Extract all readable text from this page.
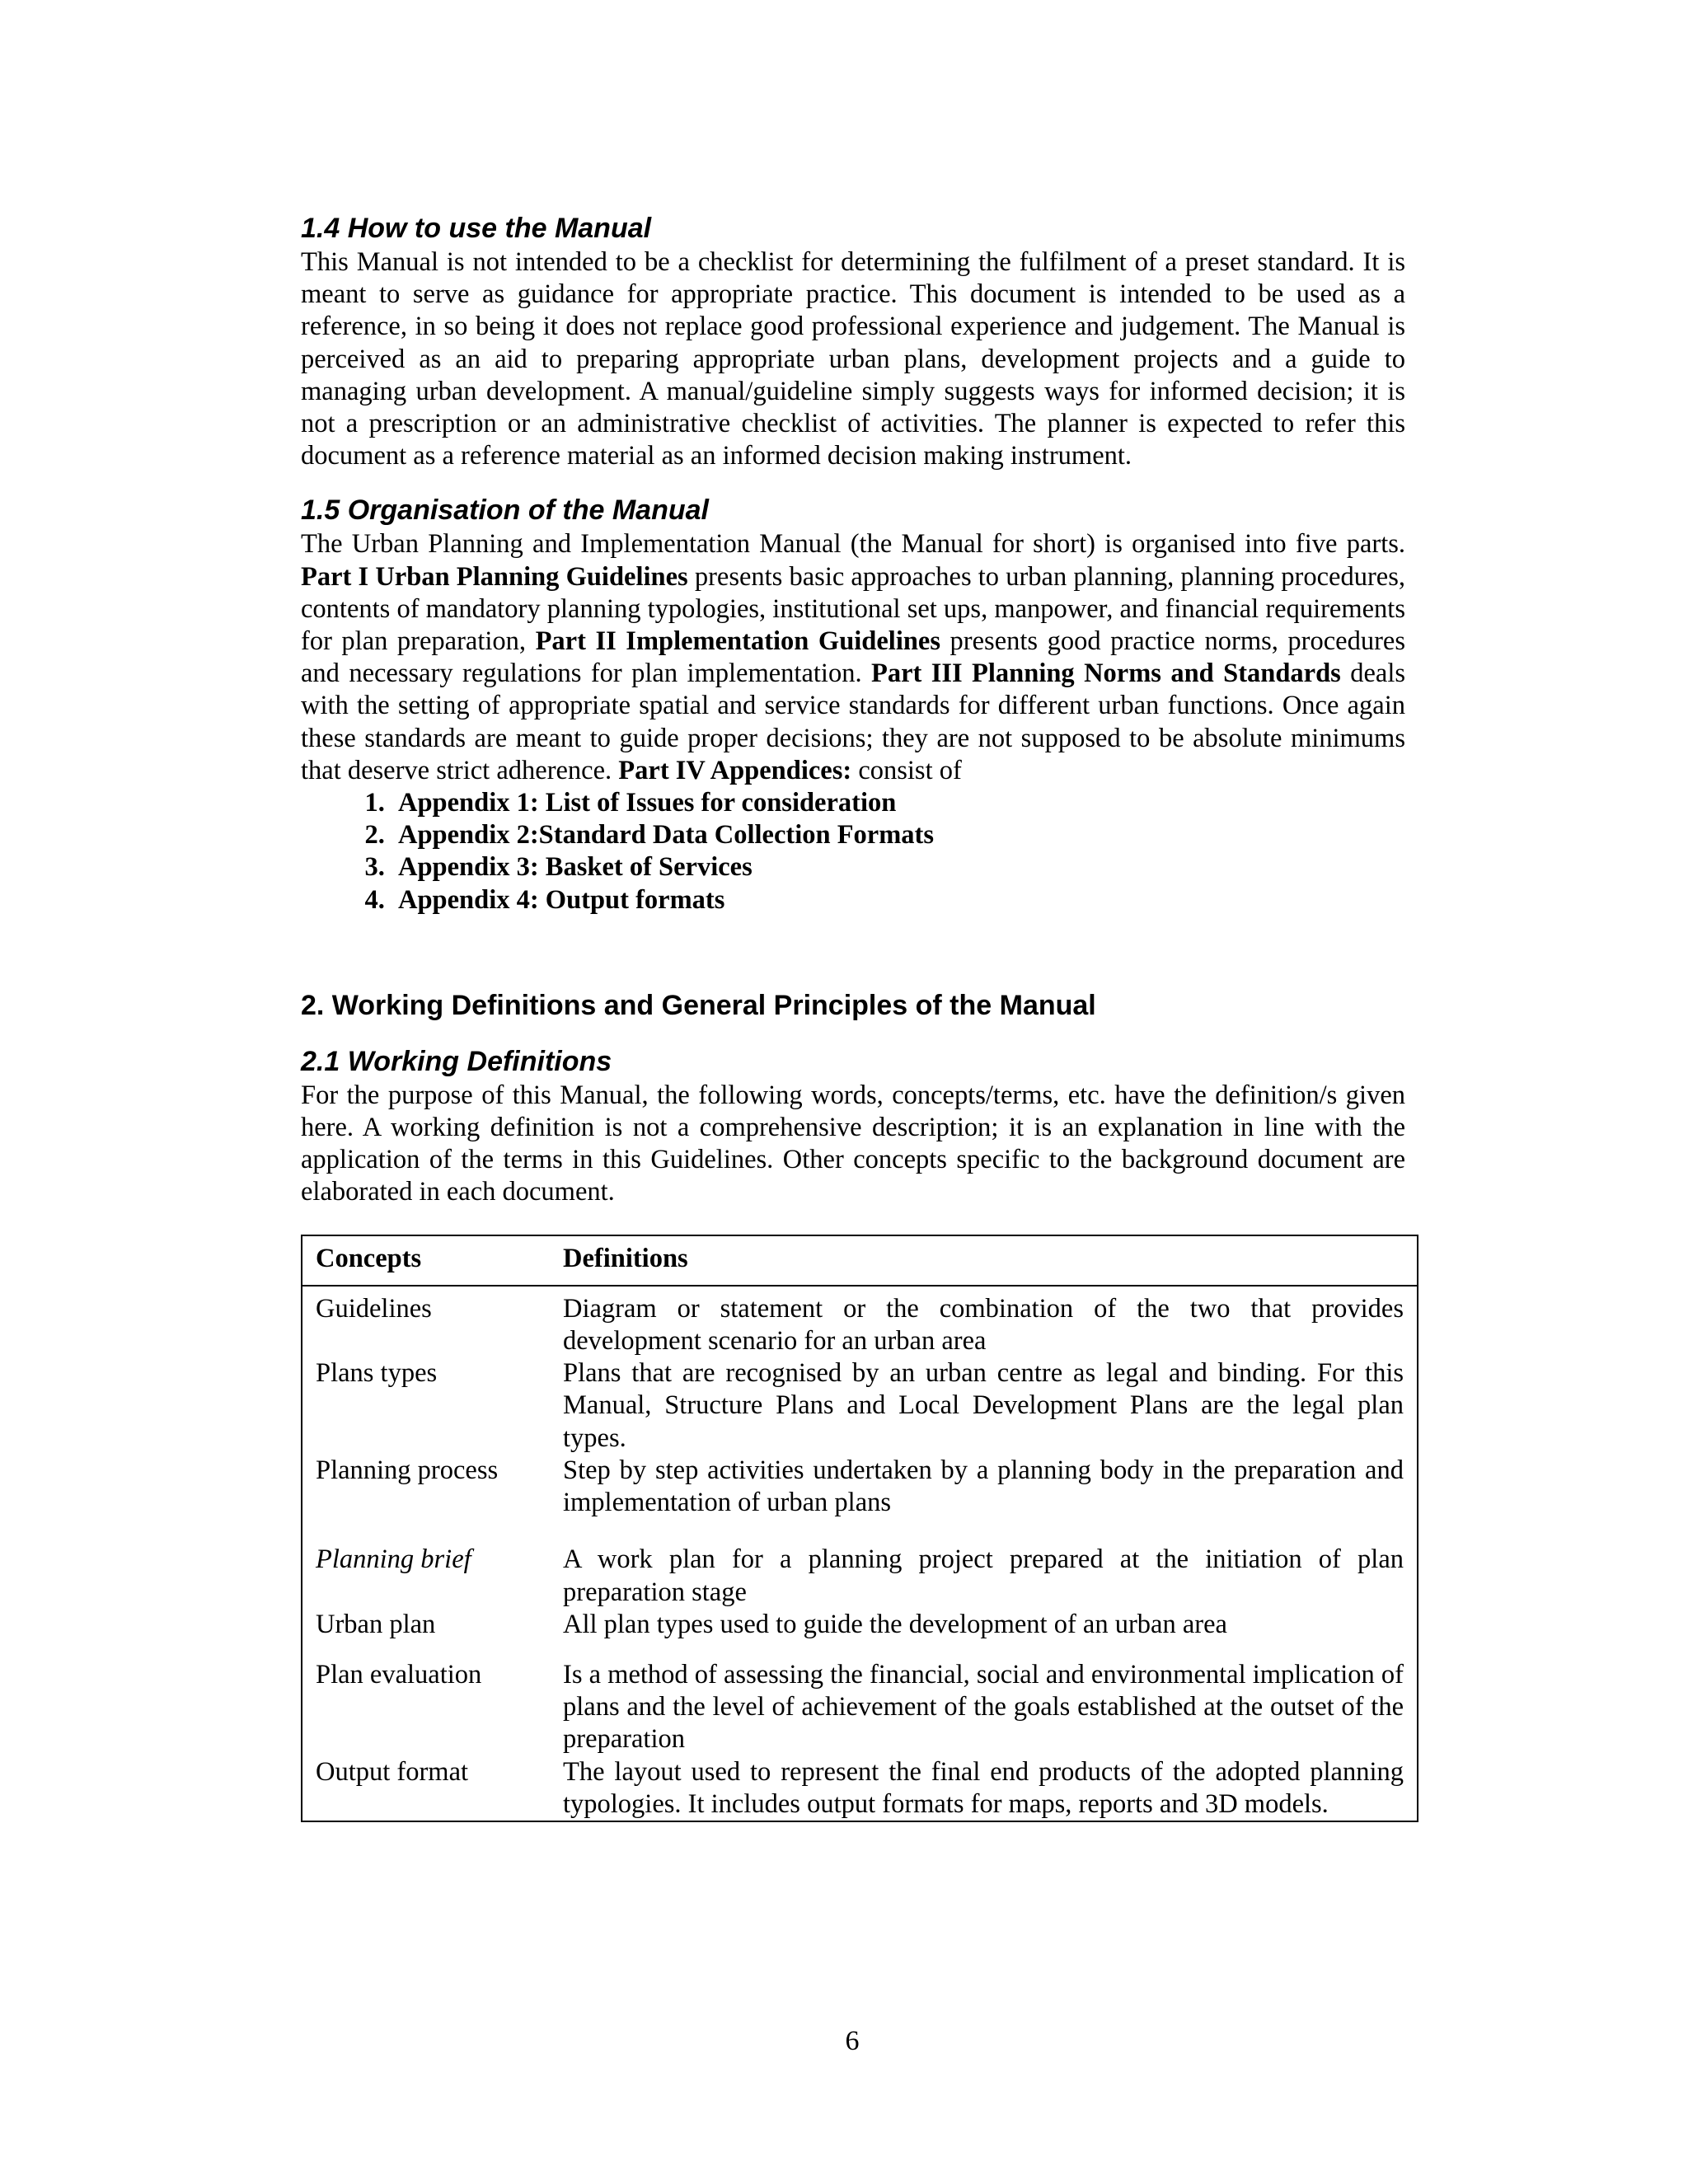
1.4 How to use the Manual

This Manual is not intended to be a checklist for determining the fulfilment of a preset standard. It is meant to serve as guidance for appropriate practice. This document is intended to be used as a reference, in so being it does not replace good professional experience and judgement. The Manual is perceived as an aid to preparing appropriate urban plans, development projects and a guide to managing urban development. A manual/guideline simply suggests ways for informed decision; it is not a prescription or an administrative checklist of activities. The planner is expected to refer this document as a reference material as an informed decision making instrument.

1.5 Organisation of the Manual

The Urban Planning and Implementation Manual (the Manual for short) is organised into five parts. Part I Urban Planning Guidelines presents basic approaches to urban planning, planning procedures, contents of mandatory planning typologies, institutional set ups, manpower, and financial requirements for plan preparation, Part II Implementation Guidelines presents good practice norms, procedures and necessary regulations for plan implementation. Part III Planning Norms and Standards deals with the setting of appropriate spatial and service standards for different urban functions. Once again these standards are meant to guide proper decisions; they are not supposed to be absolute minimums that deserve strict adherence. Part IV Appendices: consist of

1. Appendix 1: List of Issues for consideration
2. Appendix 2:Standard Data Collection Formats
3. Appendix 3: Basket of Services
4. Appendix 4: Output formats
2. Working Definitions and General Principles of the Manual
2.1 Working Definitions

For the purpose of this Manual, the following words, concepts/terms, etc. have the definition/s given here. A working definition is not a comprehensive description; it is an explanation in line with the application of the terms in this Guidelines. Other concepts specific to the background document are elaborated in each document.

Concepts	Definitions
Guidelines	Diagram or statement or the combination of the two that provides development scenario for an urban area
Plans types	Plans that are recognised by an urban centre as legal and binding. For this Manual, Structure Plans and Local Development Plans are the legal plan types.
Planning process	Step by step activities undertaken by a planning body in the preparation and implementation of urban plans
Planning brief	A work plan for a planning project prepared at the initiation of plan preparation stage
Urban plan	All plan types used to guide the development of an urban area
Plan evaluation	Is a method of assessing the financial, social and environmental implication of plans and the level of achievement of the goals established at the outset of the preparation
Output format	The layout used to represent the final end products of the adopted planning typologies. It includes output formats for maps, reports and 3D models.
6
